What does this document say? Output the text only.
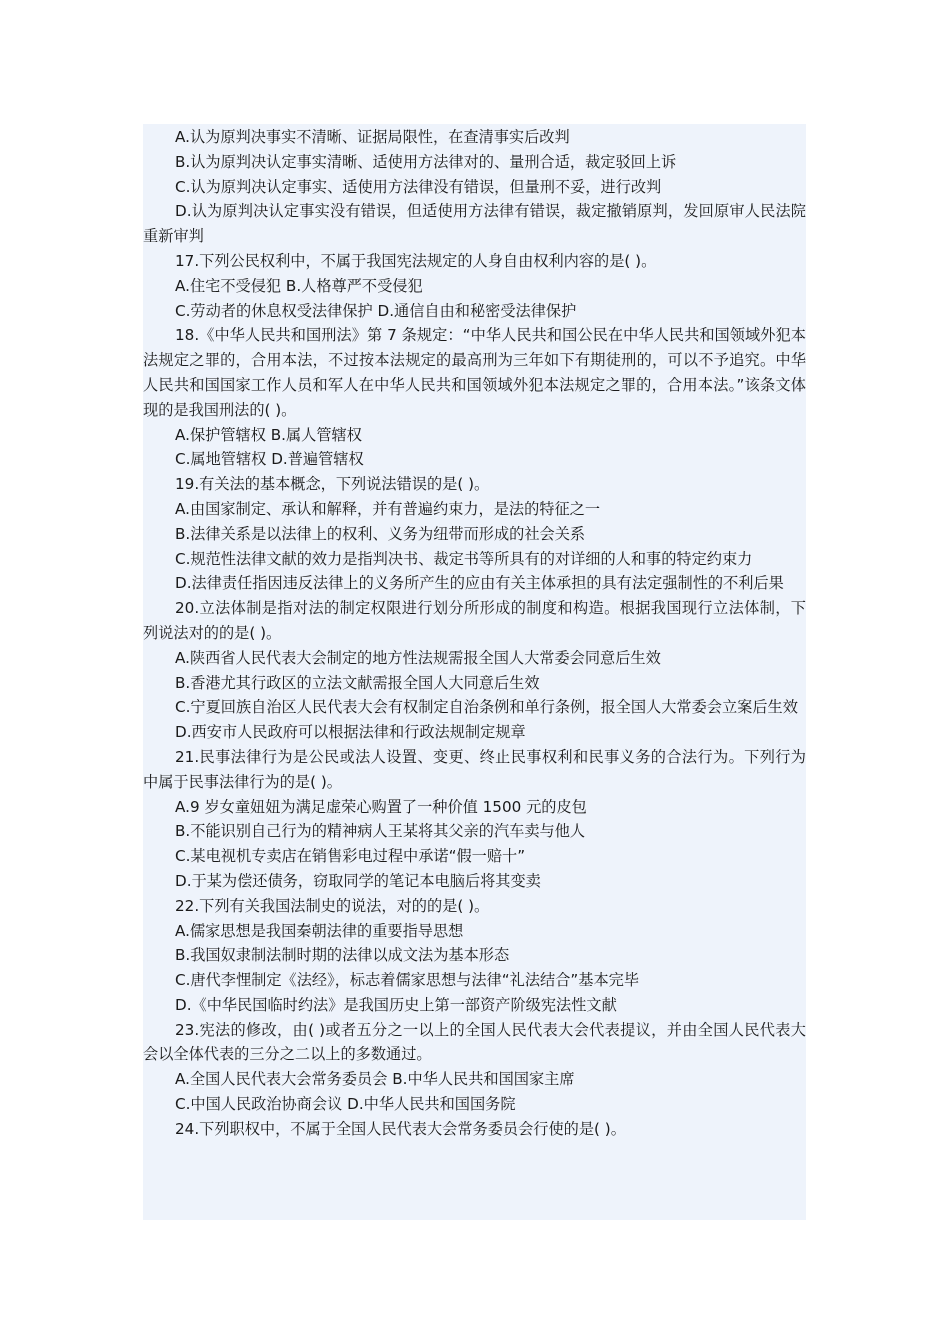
A.认为原判决事实不清晰、证据局限性，在查清事实后改判

B.认为原判决认定事实清晰、适使用方法律对的、量刑合适，裁定驳回上诉

C.认为原判决认定事实、适使用方法律没有错误，但量刑不妥，进行改判

D.认为原判决认定事实没有错误，但适使用方法律有错误，裁定撤销原判，发回原审人民法院重新审判

17.下列公民权利中，不属于我国宪法规定的人身自由权利内容的是( )。

A.住宅不受侵犯 B.人格尊严不受侵犯

C.劳动者的休息权受法律保护 D.通信自由和秘密受法律保护

18.《中华人民共和国刑法》第 7 条规定：“中华人民共和国公民在中华人民共和国领域外犯本法规定之罪的，合用本法，不过按本法规定的最高刑为三年如下有期徒刑的，可以不予追究。中华人民共和国国家工作人员和军人在中华人民共和国领域外犯本法规定之罪的，合用本法。”该条文体现的是我国刑法的( )。

A.保护管辖权 B.属人管辖权

C.属地管辖权 D.普遍管辖权

19.有关法的基本概念，下列说法错误的是( )。

A.由国家制定、承认和解释，并有普遍约束力，是法的特征之一

B.法律关系是以法律上的权利、义务为纽带而形成的社会关系

C.规范性法律文献的效力是指判决书、裁定书等所具有的对详细的人和事的特定约束力

D.法律责任指因违反法律上的义务所产生的应由有关主体承担的具有法定强制性的不利后果

20.立法体制是指对法的制定权限进行划分所形成的制度和构造。根据我国现行立法体制，下列说法对的的是( )。

A.陕西省人民代表大会制定的地方性法规需报全国人大常委会同意后生效

B.香港尤其行政区的立法文献需报全国人大同意后生效

C.宁夏回族自治区人民代表大会有权制定自治条例和单行条例，报全国人大常委会立案后生效

D.西安市人民政府可以根据法律和行政法规制定规章

21.民事法律行为是公民或法人设置、变更、终止民事权利和民事义务的合法行为。下列行为中属于民事法律行为的是( )。

A.9 岁女童妞妞为满足虚荣心购置了一种价值 1500 元的皮包

B.不能识别自己行为的精神病人王某将其父亲的汽车卖与他人

C.某电视机专卖店在销售彩电过程中承诺“假一赔十”

D.于某为偿还债务，窃取同学的笔记本电脑后将其变卖

22.下列有关我国法制史的说法，对的的是( )。

A.儒家思想是我国秦朝法律的重要指导思想

B.我国奴隶制法制时期的法律以成文法为基本形态

C.唐代李悝制定《法经》，标志着儒家思想与法律“礼法结合”基本完毕

D.《中华民国临时约法》是我国历史上第一部资产阶级宪法性文献

23.宪法的修改，由( )或者五分之一以上的全国人民代表大会代表提议，并由全国人民代表大会以全体代表的三分之二以上的多数通过。

A.全国人民代表大会常务委员会 B.中华人民共和国国家主席

C.中国人民政治协商会议 D.中华人民共和国国务院

24.下列职权中，不属于全国人民代表大会常务委员会行使的是( )。
